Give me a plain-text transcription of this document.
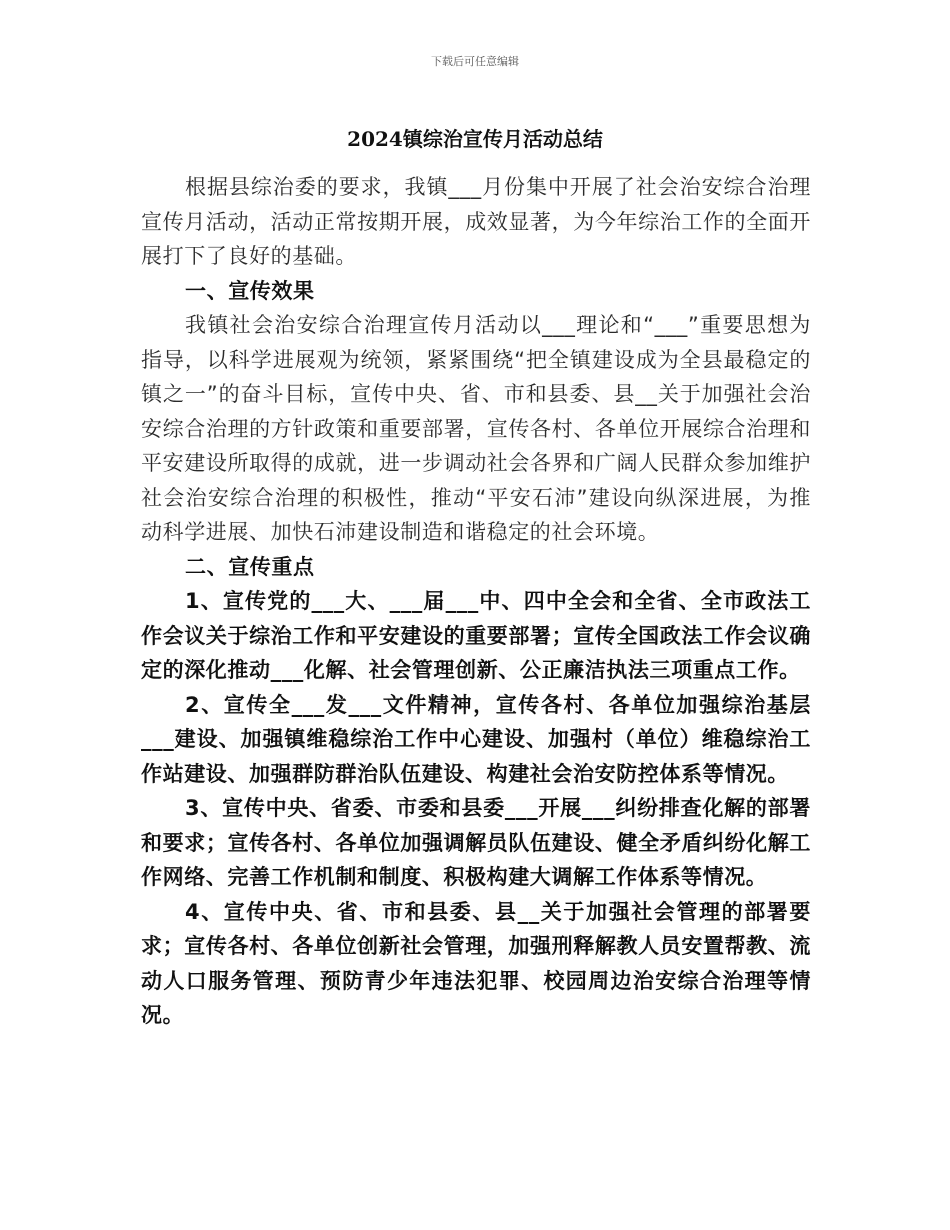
下载后可任意编辑
2024镇综治宣传月活动总结

根据县综治委的要求，我镇___月份集中开展了社会治安综合治理宣传月活动，活动正常按期开展，成效显著，为今年综治工作的全面开展打下了良好的基础。

一、宣传效果

我镇社会治安综合治理宣传月活动以___理论和“___”重要思想为指导，以科学进展观为统领，紧紧围绕“把全镇建设成为全县最稳定的镇之一”的奋斗目标，宣传中央、省、市和县委、县__关于加强社会治安综合治理的方针政策和重要部署，宣传各村、各单位开展综合治理和平安建设所取得的成就，进一步调动社会各界和广阔人民群众参加维护社会治安综合治理的积极性，推动“平安石沛”建设向纵深进展，为推动科学进展、加快石沛建设制造和谐稳定的社会环境。

二、宣传重点

1、宣传党的___大、___届___中、四中全会和全省、全市政法工作会议关于综治工作和平安建设的重要部署；宣传全国政法工作会议确定的深化推动___化解、社会管理创新、公正廉洁执法三项重点工作。

2、宣传全___发___文件精神，宣传各村、各单位加强综治基层___建设、加强镇维稳综治工作中心建设、加强村（单位）维稳综治工作站建设、加强群防群治队伍建设、构建社会治安防控体系等情况。

3、宣传中央、省委、市委和县委___开展___纠纷排查化解的部署和要求；宣传各村、各单位加强调解员队伍建设、健全矛盾纠纷化解工作网络、完善工作机制和制度、积极构建大调解工作体系等情况。

4、宣传中央、省、市和县委、县__关于加强社会管理的部署要求；宣传各村、各单位创新社会管理，加强刑释解教人员安置帮教、流动人口服务管理、预防青少年违法犯罪、校园周边治安综合治理等情况。
